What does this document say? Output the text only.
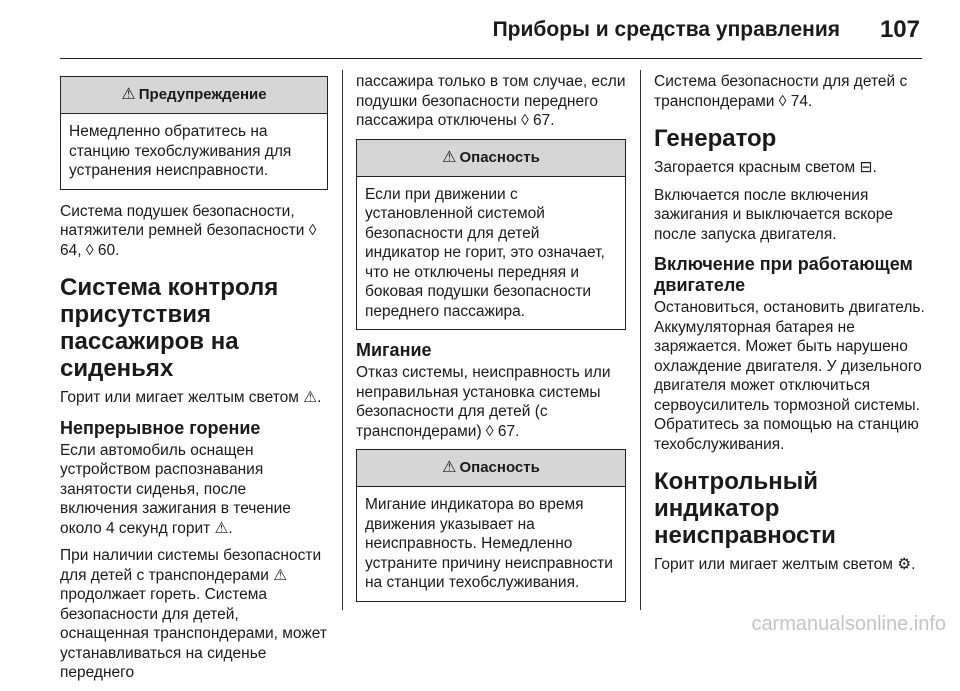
Приборы и средства управления 107
⚠ Предупреждение
Немедленно обратитесь на станцию техобслуживания для устранения неисправности.

Система подушек безопасности, натяжители ремней безопасности ◊ 64, ◊ 60.

Система контроля присутствия пассажиров на сиденьях

Горит или мигает желтым светом ⚠.

Непрерывное горение

Если автомобиль оснащен устройством распознавания занятости сиденья, после включения зажигания в течение около 4 секунд горит ⚠.

При наличии системы безопасности для детей с транспондерами ⚠ продолжает гореть. Система безопасности для детей, оснащенная транспондерами, может устанавливаться на сиденье переднего

пассажира только в том случае, если подушки безопасности переднего пассажира отключены ◊ 67.

⚠ Опасность
Если при движении с установленной системой безопасности для детей индикатор не горит, это означает, что не отключены передняя и боковая подушки безопасности переднего пассажира.
Мигание

Отказ системы, неисправность или неправильная установка системы безопасности для детей (с транспондерами) ◊ 67.

⚠ Опасность
Мигание индикатора во время движения указывает на неисправность. Немедленно устраните причину неисправности на станции техобслуживания.

Система безопасности для детей с транспондерами ◊ 74.

Генератор

Загорается красным светом ⊟.

Включается после включения зажигания и выключается вскоре после запуска двигателя.

Включение при работающем двигателе

Остановиться, остановить двигатель. Аккумуляторная батарея не заряжается. Может быть нарушено охлаждение двигателя. У дизельного двигателя может отключиться сервоусилитель тормозной системы. Обратитесь за помощью на станцию техобслуживания.

Контрольный индикатор неисправности

Горит или мигает желтым светом ⚙.

carmanualsonline.info
